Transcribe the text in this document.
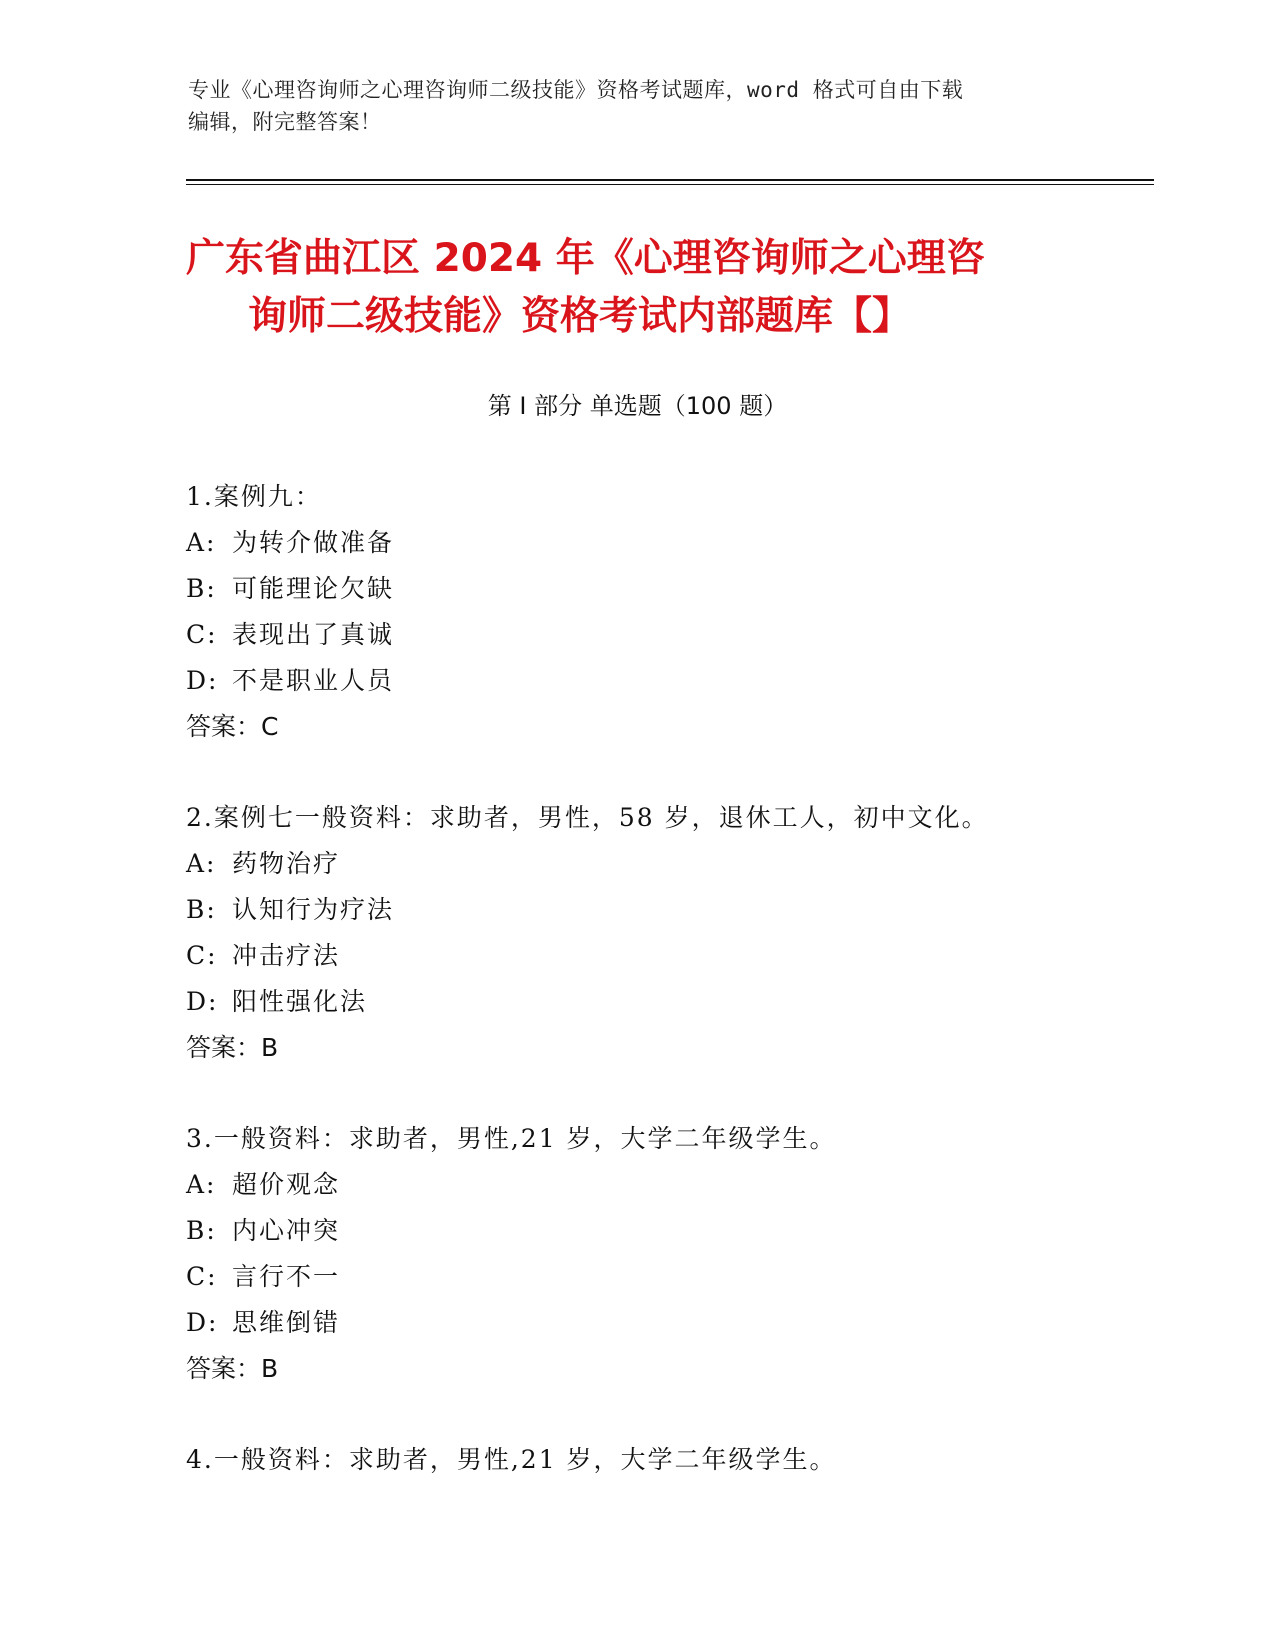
专业《心理咨询师之心理咨询师二级技能》资格考试题库，word 格式可自由下载
编辑，附完整答案！
广东省曲江区 2024 年《心理咨询师之心理咨
询师二级技能》资格考试内部题库【】
第 I 部分 单选题（100 题）
1.案例九：
A: 为转介做准备
B: 可能理论欠缺
C: 表现出了真诚
D: 不是职业人员
答案：C
2.案例七一般资料：求助者，男性，58 岁，退休工人，初中文化。
A: 药物治疗
B: 认知行为疗法
C: 冲击疗法
D: 阳性强化法
答案：B
3.一般资料：求助者，男性,21 岁，大学二年级学生。
A: 超价观念
B: 内心冲突
C: 言行不一
D: 思维倒错
答案：B
4.一般资料：求助者，男性,21 岁，大学二年级学生。
